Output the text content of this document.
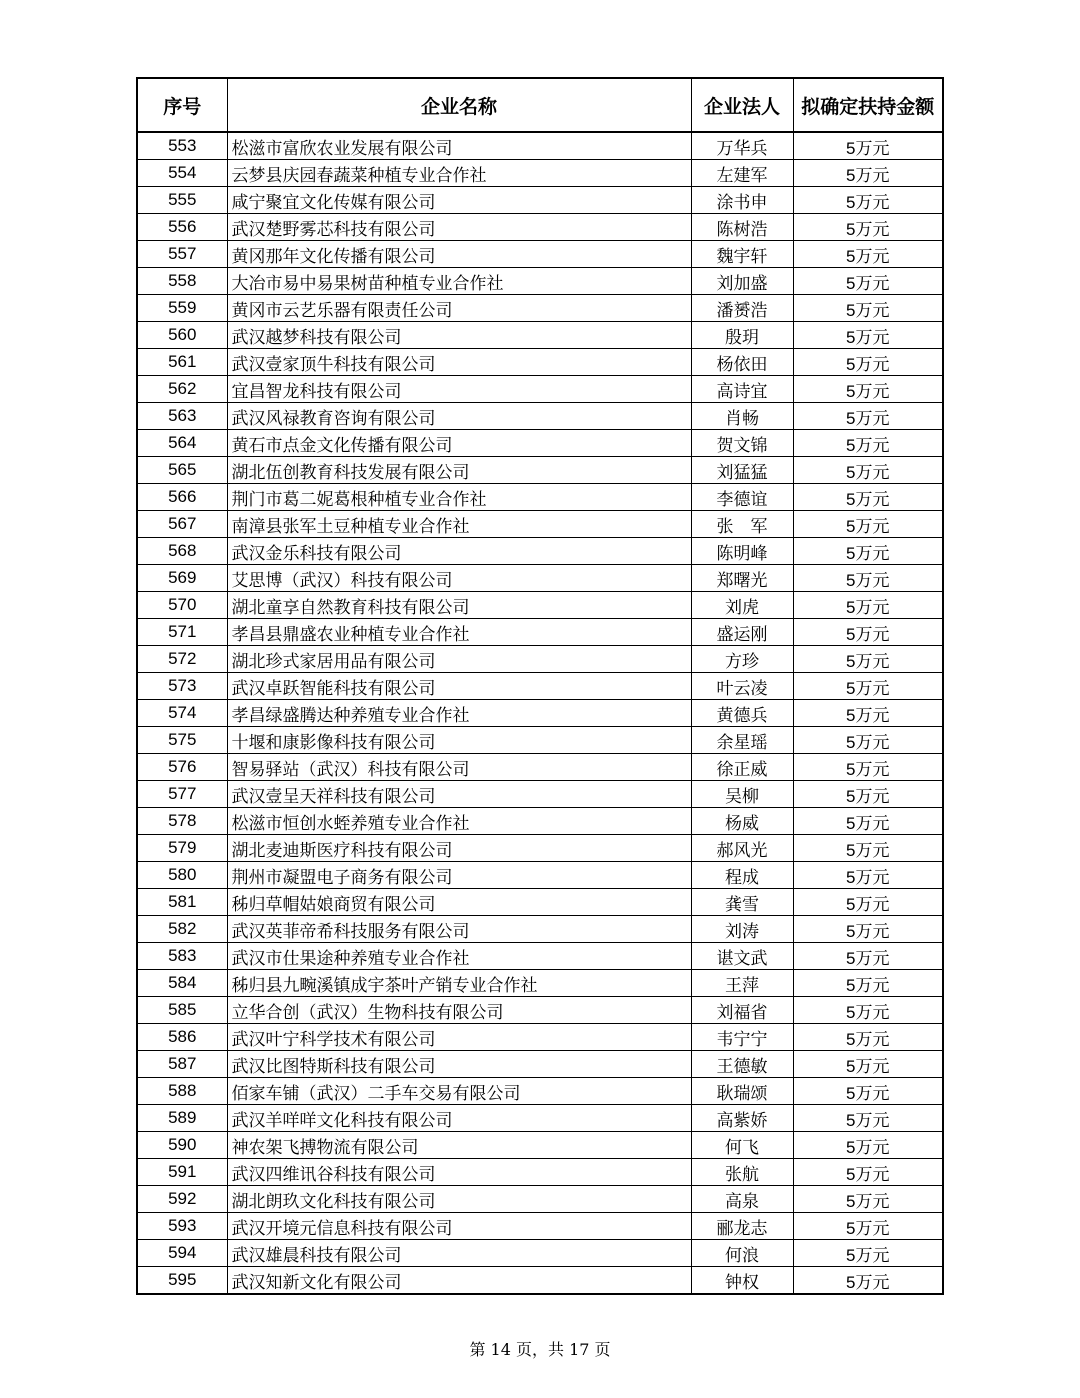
序号	企业名称	企业法人	拟确定扶持金额
553	松滋市富欣农业发展有限公司	万华兵	5万元
554	云梦县庆园春蔬菜种植专业合作社	左建军	5万元
555	咸宁聚宜文化传媒有限公司	涂书申	5万元
556	武汉楚野雾芯科技有限公司	陈树浩	5万元
557	黄冈那年文化传播有限公司	魏宇轩	5万元
558	大冶市易中易果树苗种植专业合作社	刘加盛	5万元
559	黄冈市云艺乐器有限责任公司	潘赟浩	5万元
560	武汉越梦科技有限公司	殷玥	5万元
561	武汉壹家顶牛科技有限公司	杨依田	5万元
562	宜昌智龙科技有限公司	高诗宜	5万元
563	武汉风禄教育咨询有限公司	肖畅	5万元
564	黄石市点金文化传播有限公司	贺文锦	5万元
565	湖北伍创教育科技发展有限公司	刘猛猛	5万元
566	荆门市葛二妮葛根种植专业合作社	李德谊	5万元
567	南漳县张军土豆种植专业合作社	张　军	5万元
568	武汉金乐科技有限公司	陈明峰	5万元
569	艾思博（武汉）科技有限公司	郑曙光	5万元
570	湖北童享自然教育科技有限公司	刘虎	5万元
571	孝昌县鼎盛农业种植专业合作社	盛运刚	5万元
572	湖北珍式家居用品有限公司	方珍	5万元
573	武汉卓跃智能科技有限公司	叶云凌	5万元
574	孝昌绿盛腾达种养殖专业合作社	黄德兵	5万元
575	十堰和康影像科技有限公司	余星瑶	5万元
576	智易驿站（武汉）科技有限公司	徐正威	5万元
577	武汉壹呈天祥科技有限公司	吴柳	5万元
578	松滋市恒创水蛭养殖专业合作社	杨威	5万元
579	湖北麦迪斯医疗科技有限公司	郝风光	5万元
580	荆州市凝盟电子商务有限公司	程成	5万元
581	秭归草帽姑娘商贸有限公司	龚雪	5万元
582	武汉英菲帝希科技服务有限公司	刘涛	5万元
583	武汉市仕果途种养殖专业合作社	谌文武	5万元
584	秭归县九畹溪镇成宇茶叶产销专业合作社	王萍	5万元
585	立华合创（武汉）生物科技有限公司	刘福省	5万元
586	武汉叶宁科学技术有限公司	韦宁宁	5万元
587	武汉比图特斯科技有限公司	王德敏	5万元
588	佰家车铺（武汉）二手车交易有限公司	耿瑞颂	5万元
589	武汉羊咩咩文化科技有限公司	高紫娇	5万元
590	神农架飞搏物流有限公司	何飞	5万元
591	武汉四维讯谷科技有限公司	张航	5万元
592	湖北朗玖文化科技有限公司	高泉	5万元
593	武汉开境元信息科技有限公司	郦龙志	5万元
594	武汉雄晨科技有限公司	何浪	5万元
595	武汉知新文化有限公司	钟权	5万元
第 14 页，共 17 页
